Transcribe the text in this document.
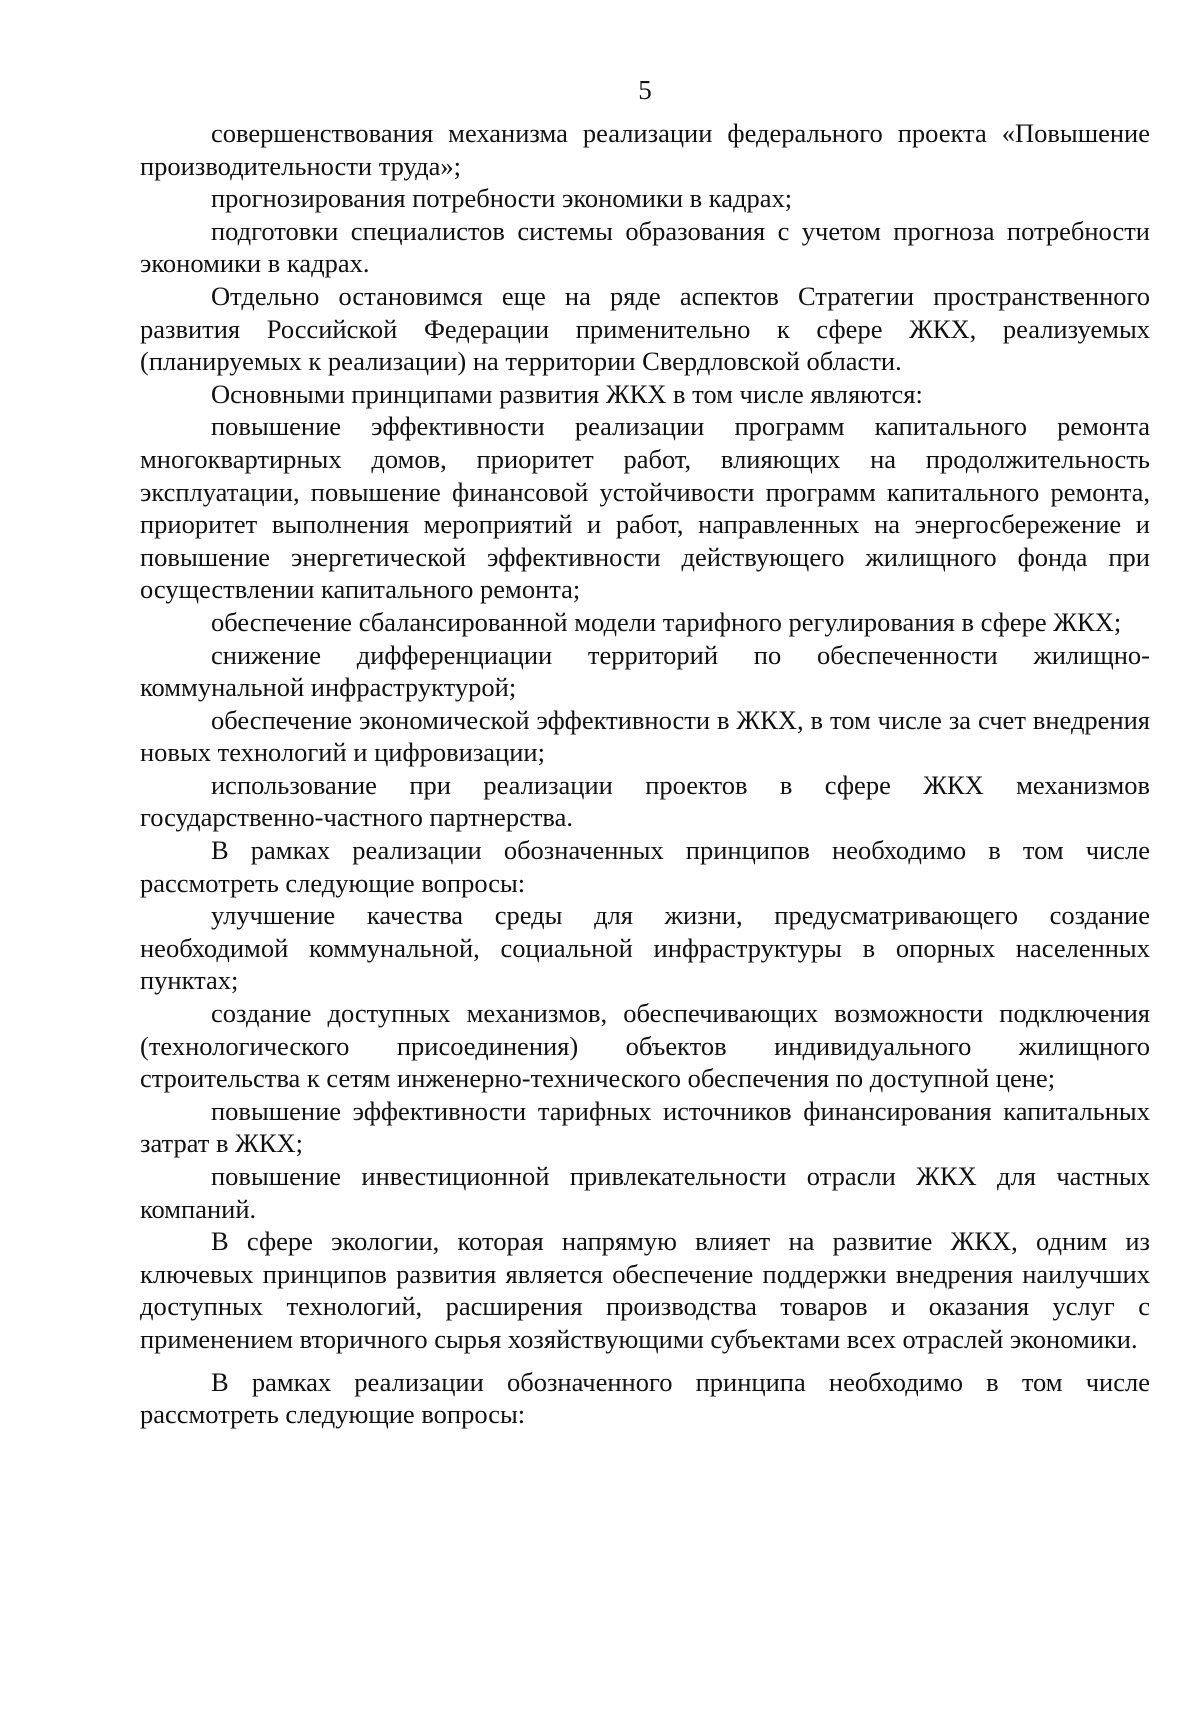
5

совершенствования механизма реализации федерального проекта «Повышение производительности труда»;

прогнозирования потребности экономики в кадрах;

подготовки специалистов системы образования с учетом прогноза потребности экономики в кадрах.

Отдельно остановимся еще на ряде аспектов Стратегии пространственного развития Российской Федерации применительно к сфере ЖКХ, реализуемых (планируемых к реализации) на территории Свердловской области.

Основными принципами развития ЖКХ в том числе являются:

повышение эффективности реализации программ капитального ремонта многоквартирных домов, приоритет работ, влияющих на продолжительность эксплуатации, повышение финансовой устойчивости программ капитального ремонта, приоритет выполнения мероприятий и работ, направленных на энергосбережение и повышение энергетической эффективности действующего жилищного фонда при осуществлении капитального ремонта;

обеспечение сбалансированной модели тарифного регулирования в сфере ЖКХ;

снижение дифференциации территорий по обеспеченности жилищно-коммунальной инфраструктурой;

обеспечение экономической эффективности в ЖКХ, в том числе за счет внедрения новых технологий и цифровизации;

использование при реализации проектов в сфере ЖКХ механизмов государственно-частного партнерства.

В рамках реализации обозначенных принципов необходимо в том числе рассмотреть следующие вопросы:

улучшение качества среды для жизни, предусматривающего создание необходимой коммунальной, социальной инфраструктуры в опорных населенных пунктах;

создание доступных механизмов, обеспечивающих возможности подключения (технологического присоединения) объектов индивидуального жилищного строительства к сетям инженерно-технического обеспечения по доступной цене;

повышение эффективности тарифных источников финансирования капитальных затрат в ЖКХ;

повышение инвестиционной привлекательности отрасли ЖКХ для частных компаний.

В сфере экологии, которая напрямую влияет на развитие ЖКХ, одним из ключевых принципов развития является обеспечение поддержки внедрения наилучших доступных технологий, расширения производства товаров и оказания услуг с применением вторичного сырья хозяйствующими субъектами всех отраслей экономики.

В рамках реализации обозначенного принципа необходимо в том числе рассмотреть следующие вопросы:
